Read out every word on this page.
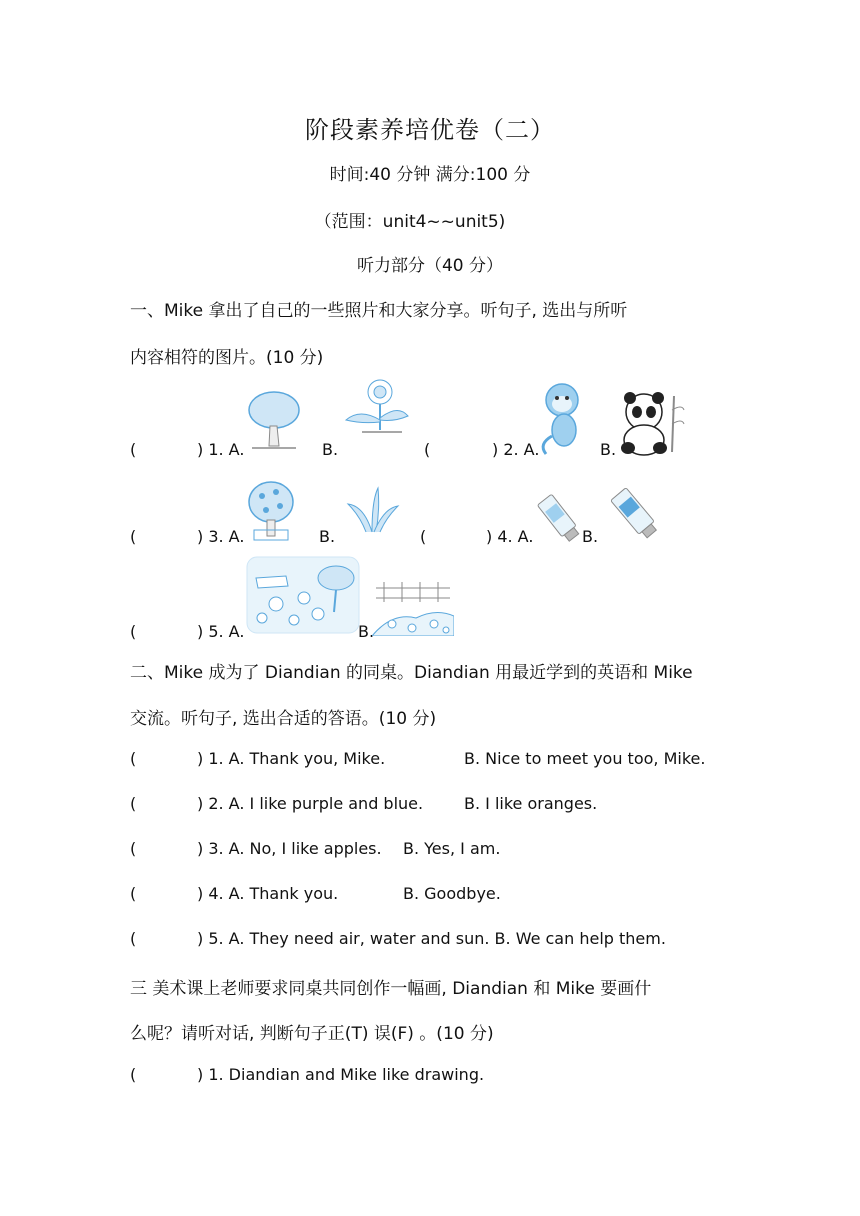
阶段素养培优卷（二）
时间:40 分钟 满分:100 分
（范围：unit4~~unit5)
听力部分（40 分）
一、Mike 拿出了自己的一些照片和大家分享。听句子, 选出与所听
内容相符的图片。(10 分)
(	) 1. A.	B.	(	) 2. A.	B.
(	) 3. A.	B.	(	) 4. A.	B.
(	) 5. A.	B.
二、Mike 成为了 Diandian 的同桌。Diandian 用最近学到的英语和 Mike
交流。听句子, 选出合适的答语。(10 分)
(	) 1. A. Thank you, Mike.	B. Nice to meet you too, Mike.
(	) 2. A. I like purple and blue.	B. I like oranges.
(	) 3. A. No, I like apples. B. Yes, I am.
(	) 4. A. Thank you.	B. Goodbye.
(	) 5. A. They need air, water and sun. B. We can help them.
三 美术课上老师要求同桌共同创作一幅画, Diandian 和 Mike 要画什
么呢？请听对话, 判断句子正(T) 误(F) 。(10 分)
(	) 1. Diandian and Mike like drawing.
